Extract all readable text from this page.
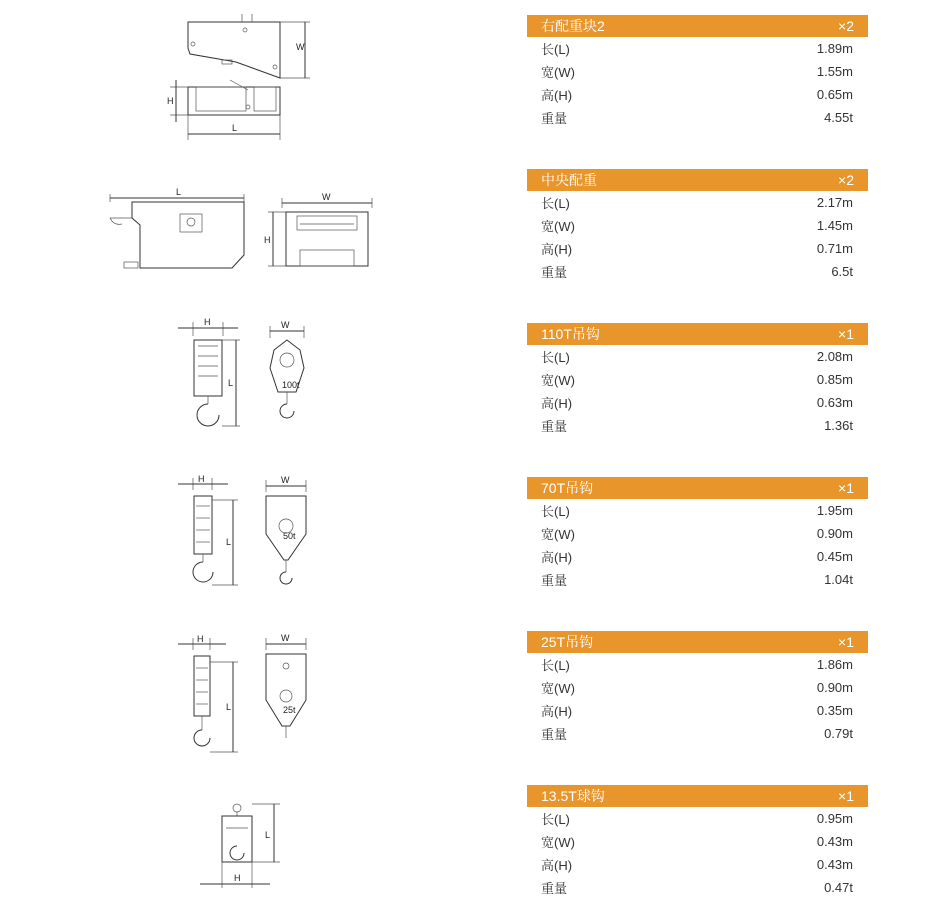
W
H
L
L	W
H
H
L
W
100t
H
L
W
50t
H
L
W
25t
L
H
右配重块2	×2
长(L)	1.89m
宽(W)	1.55m
高(H)	0.65m
重量	4.55t
中央配重	×2
长(L)	2.17m
宽(W)	1.45m
高(H)	0.71m
重量	6.5t
110T吊钩	×1
长(L)	2.08m
宽(W)	0.85m
高(H)	0.63m
重量	1.36t
70T吊钩	×1
长(L)	1.95m
宽(W)	0.90m
高(H)	0.45m
重量	1.04t
25T吊钩	×1
长(L)	1.86m
宽(W)	0.90m
高(H)	0.35m
重量	0.79t
13.5T球钩	×1
长(L)	0.95m
宽(W)	0.43m
高(H)	0.43m
重量	0.47t
